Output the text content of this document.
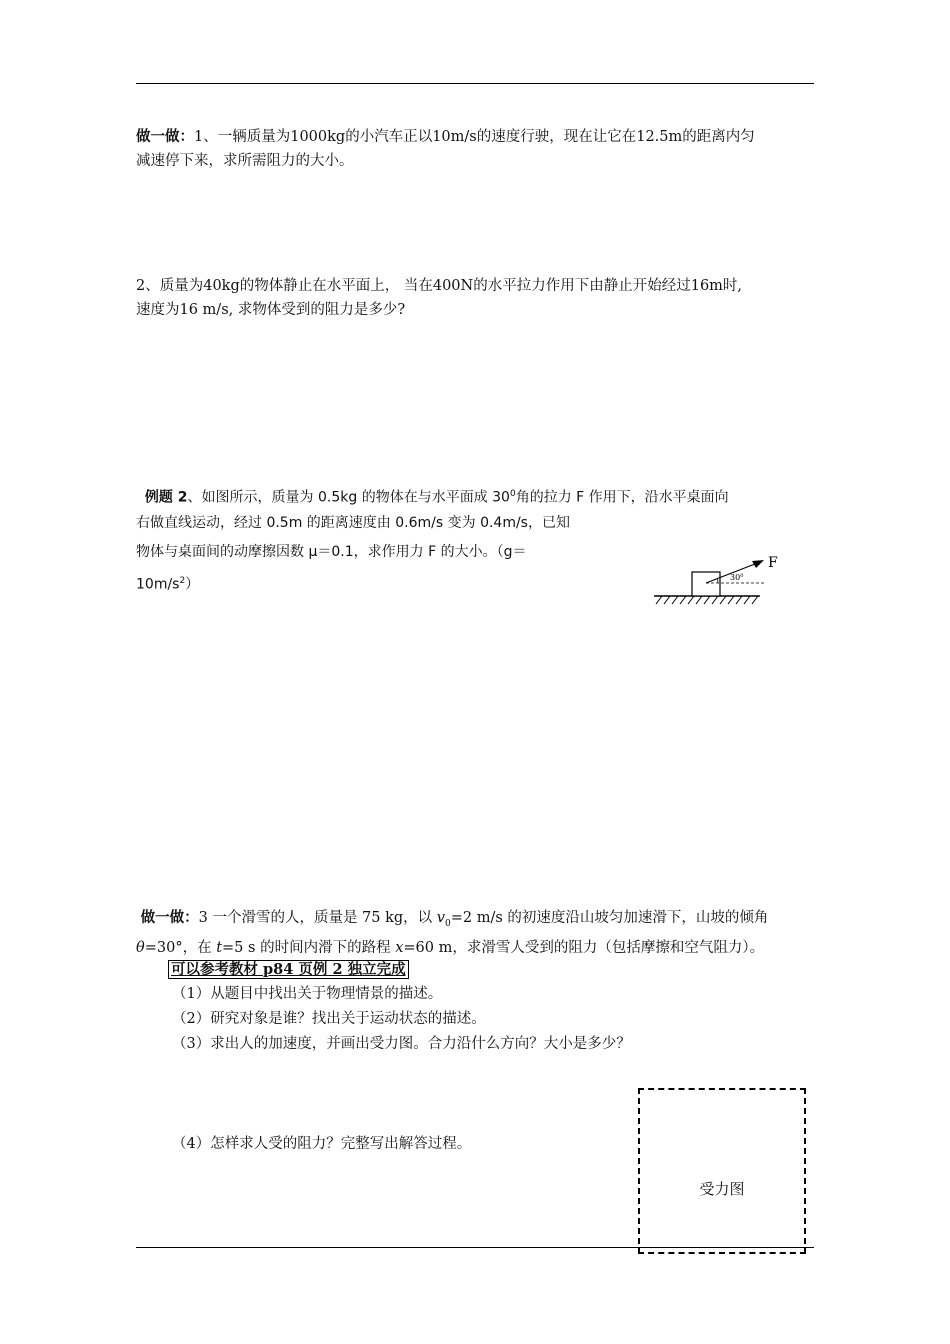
做一做：1、一辆质量为1000kg的小汽车正以10m/s的速度行驶，现在让它在12.5m的距离内匀
减速停下来，求所需阻力的大小。
2、质量为40kg的物体静止在水平面上， 当在400N的水平拉力作用下由静止开始经过16m时,
速度为16 m/s, 求物体受到的阻力是多少?
例题 2、如图所示，质量为 0.5kg 的物体在与水平面成 $30^0$角的拉力 F 作用下，沿水平桌面向
右做直线运动，经过 0.5m 的距离速度由 0.6m/s 变为 0.4m/s，已知
物体与桌面间的动摩擦因数 μ＝0.1，求作用力 F 的大小。（g＝
$10m/s^2$）	$30^0$
F
做一做：3 一个滑雪的人，质量是 75 kg，以 $v_0=2$ m/s 的初速度沿山坡匀加速滑下，山坡的倾角
θ=30°，在 t=5 s 的时间内滑下的路程 x=60 m，求滑雪人受到的阻力（包括摩擦和空气阻力）。
可以参考教材 p84 页例 2 独立完成
（1）从题目中找出关于物理情景的描述。
（2）研究对象是谁？找出关于运动状态的描述。
（3）求出人的加速度，并画出受力图。合力沿什么方向？大小是多少？
（4）怎样求人受的阻力？完整写出解答过程。
受力图
